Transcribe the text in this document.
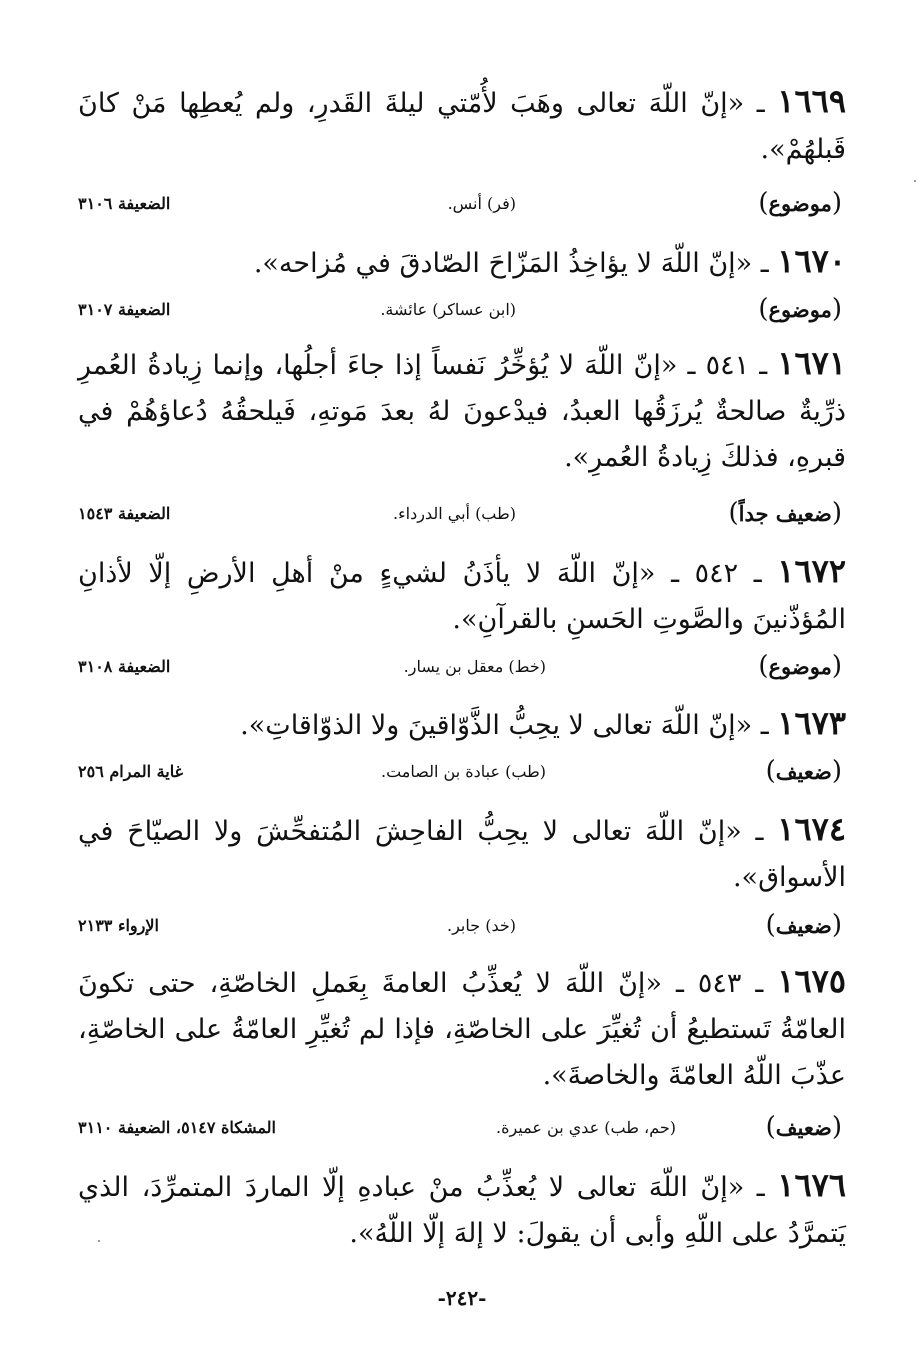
١٦٦٩ ـ «إنّ اللّهَ تعالى وهَبَ لأُمّتي ليلةَ القَدرِ، ولم يُعطِها مَنْ كانَ قَبلهُمْ».
( موضوع )
(فر) أنس.
الضعيفة ٣١٠٦
١٦٧٠ ـ «إنّ اللّهَ لا يؤاخِذُ المَزّاحَ الصّادقَ في مُزاحه».
( موضوع )
(ابن عساكر) عائشة.
الضعيفة ٣١٠٧
١٦٧١ ـ ٥٤١ ـ «إنّ اللّهَ لا يُؤخِّرُ نَفساً إذا جاءَ أجلُها، وإنما زِيادةُ العُمرِ ذرِّيةٌ صالحةٌ يُرزَقُها العبدُ، فيدْعونَ لهُ بعدَ مَوتهِ، فَيلحقُهُ دُعاؤهُمْ في قبرهِ، فذلكَ زِيادةُ العُمرِ».
( ضعيف جداً )
(طب) أبي الدرداء.
الضعيفة ١٥٤٣
١٦٧٢ ـ ٥٤٢ ـ «إنّ اللّهَ لا يأذَنُ لشيءٍ منْ أهلِ الأرضِ إلّا لأذانِ المُؤذّنينَ والصَّوتِ الحَسنِ بالقرآنِ».
( موضوع )
(خط) معقل بن يسار.
الضعيفة ٣١٠٨
١٦٧٣ ـ «إنّ اللّهَ تعالى لا يحِبُّ الذَّوّاقينَ ولا الذوّاقاتِ».
( ضعيف )
(طب) عبادة بن الصامت.
غاية المرام ٢٥٦
١٦٧٤ ـ «إنّ اللّهَ تعالى لا يحِبُّ الفاحِشَ المُتفحِّشَ ولا الصيّاحَ في الأسواق».
( ضعيف )
(خد) جابر.
الإرواء ٢١٣٣
١٦٧٥ ـ ٥٤٣ ـ «إنّ اللّهَ لا يُعذِّبُ العامةَ بِعَملِ الخاصّةِ، حتى تكونَ العامّةُ تَستطيعُ أن تُغيِّرَ على الخاصّةِ، فإذا لم تُغيِّرِ العامّةُ على الخاصّةِ، عذّبَ اللّهُ العامّةَ والخاصةَ».
( ضعيف )
(حم، طب) عدي بن عميرة.
المشكاة ٥١٤٧، الضعيفة ٣١١٠
١٦٧٦ ـ «إنّ اللّهَ تعالى لا يُعذِّبُ منْ عبادهِ إلّا الماردَ المتمرِّدَ، الذي يَتمرَّدُ على اللّهِ وأبى أن يقولَ: لا إلهَ إلّا اللّهُ».
-٢٤٢-
